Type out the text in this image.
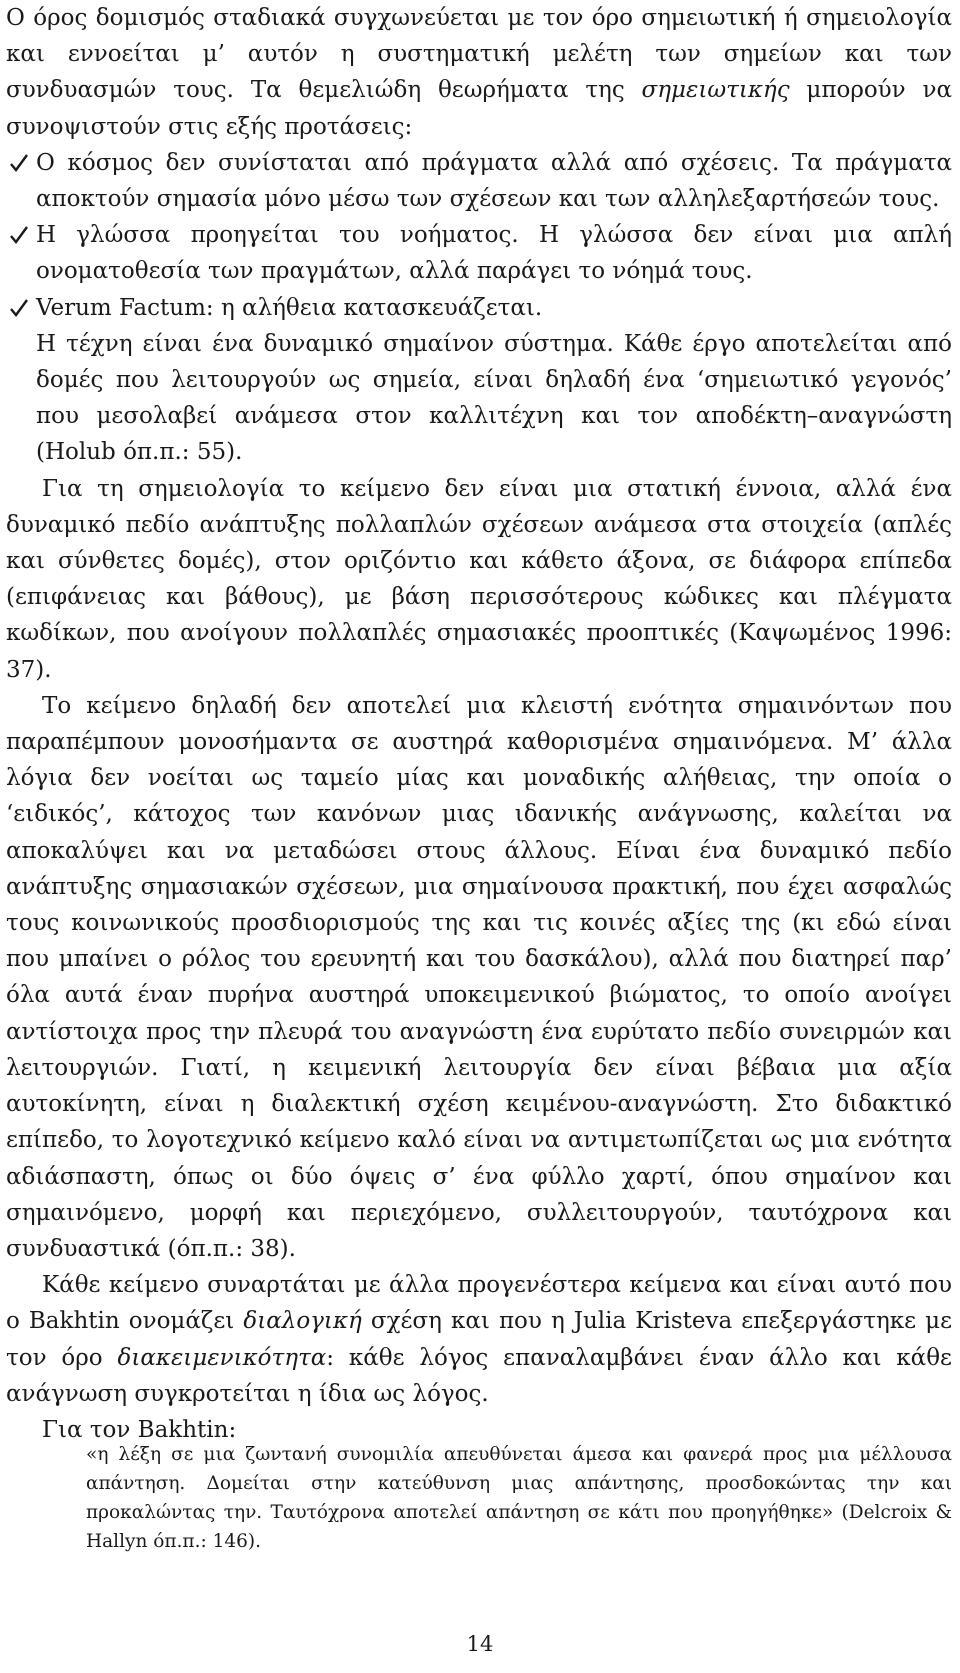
Ο όρος δομισμός σταδιακά συγχωνεύεται με τον όρο σημειωτική ή σημειολογία και εννοείται μ’ αυτόν η συστηματική μελέτη των σημείων και των συνδυασμών τους. Τα θεμελιώδη θεωρήματα της σημειωτικής μπορούν να συνοψιστούν στις εξής προτάσεις:

Ο κόσμος δεν συνίσταται από πράγματα αλλά από σχέσεις. Τα πράγματα αποκτούν σημασία μόνο μέσω των σχέσεων και των αλληλεξαρτήσεών τους.
Η γλώσσα προηγείται του νοήματος. Η γλώσσα δεν είναι μια απλή ονοματοθεσία των πραγμάτων, αλλά παράγει το νόημά τους.
Verum Factum: η αλήθεια κατασκευάζεται.

Η τέχνη είναι ένα δυναμικό σημαίνον σύστημα. Κάθε έργο αποτελείται από δομές που λειτουργούν ως σημεία, είναι δηλαδή ένα ‘σημειωτικό γεγονός’ που μεσολαβεί ανάμεσα στον καλλιτέχνη και τον αποδέκτη–αναγνώστη (Holub όπ.π.: 55).

Για τη σημειολογία το κείμενο δεν είναι μια στατική έννοια, αλλά ένα δυναμικό πεδίο ανάπτυξης πολλαπλών σχέσεων ανάμεσα στα στοιχεία (απλές και σύνθετες δομές), στον οριζόντιο και κάθετο άξονα, σε διάφορα επίπεδα (επιφάνειας και βάθους), με βάση περισσότερους κώδικες και πλέγματα κωδίκων, που ανοίγουν πολλαπλές σημασιακές προοπτικές (Καψωμένος 1996: 37).

Το κείμενο δηλαδή δεν αποτελεί μια κλειστή ενότητα σημαινόντων που παραπέμπουν μονοσήμαντα σε αυστηρά καθορισμένα σημαινόμενα. Μ’ άλλα λόγια δεν νοείται ως ταμείο μίας και μοναδικής αλήθειας, την οποία ο ‘ειδικός’, κάτοχος των κανόνων μιας ιδανικής ανάγνωσης, καλείται να αποκαλύψει και να μεταδώσει στους άλλους. Είναι ένα δυναμικό πεδίο ανάπτυξης σημασιακών σχέσεων, μια σημαίνουσα πρακτική, που έχει ασφαλώς τους κοινωνικούς προσδιορισμούς της και τις κοινές αξίες της (κι εδώ είναι που μπαίνει ο ρόλος του ερευνητή και του δασκάλου), αλλά που διατηρεί παρ’ όλα αυτά έναν πυρήνα αυστηρά υποκειμενικού βιώματος, το οποίο ανοίγει αντίστοιχα προς την πλευρά του αναγνώστη ένα ευρύτατο πεδίο συνειρμών και λειτουργιών. Γιατί, η κειμενική λειτουργία δεν είναι βέβαια μια αξία αυτοκίνητη, είναι η διαλεκτική σχέση κειμένου-αναγνώστη. Στο διδακτικό επίπεδο, το λογοτεχνικό κείμενο καλό είναι να αντιμετωπίζεται ως μια ενότητα αδιάσπαστη, όπως οι δύο όψεις σ’ ένα φύλλο χαρτί, όπου σημαίνον και σημαινόμενο, μορφή και περιεχόμενο, συλλειτουργούν, ταυτόχρονα και συνδυαστικά (όπ.π.: 38).

Κάθε κείμενο συναρτάται με άλλα προγενέστερα κείμενα και είναι αυτό που ο Bakhtin ονομάζει διαλογική σχέση και που η Julia Kristeva επεξεργάστηκε με τον όρο διακειμενικότητα: κάθε λόγος επαναλαμβάνει έναν άλλο και κάθε ανάγνωση συγκροτείται η ίδια ως λόγος.

Για τον Bakhtin:

«η λέξη σε μια ζωντανή συνομιλία απευθύνεται άμεσα και φανερά προς μια μέλλουσα απάντηση. Δομείται στην κατεύθυνση μιας απάντησης, προσδοκώντας την και προκαλώντας την. Ταυτόχρονα αποτελεί απάντηση σε κάτι που προηγήθηκε» (Delcroix & Hallyn όπ.π.: 146).

14
